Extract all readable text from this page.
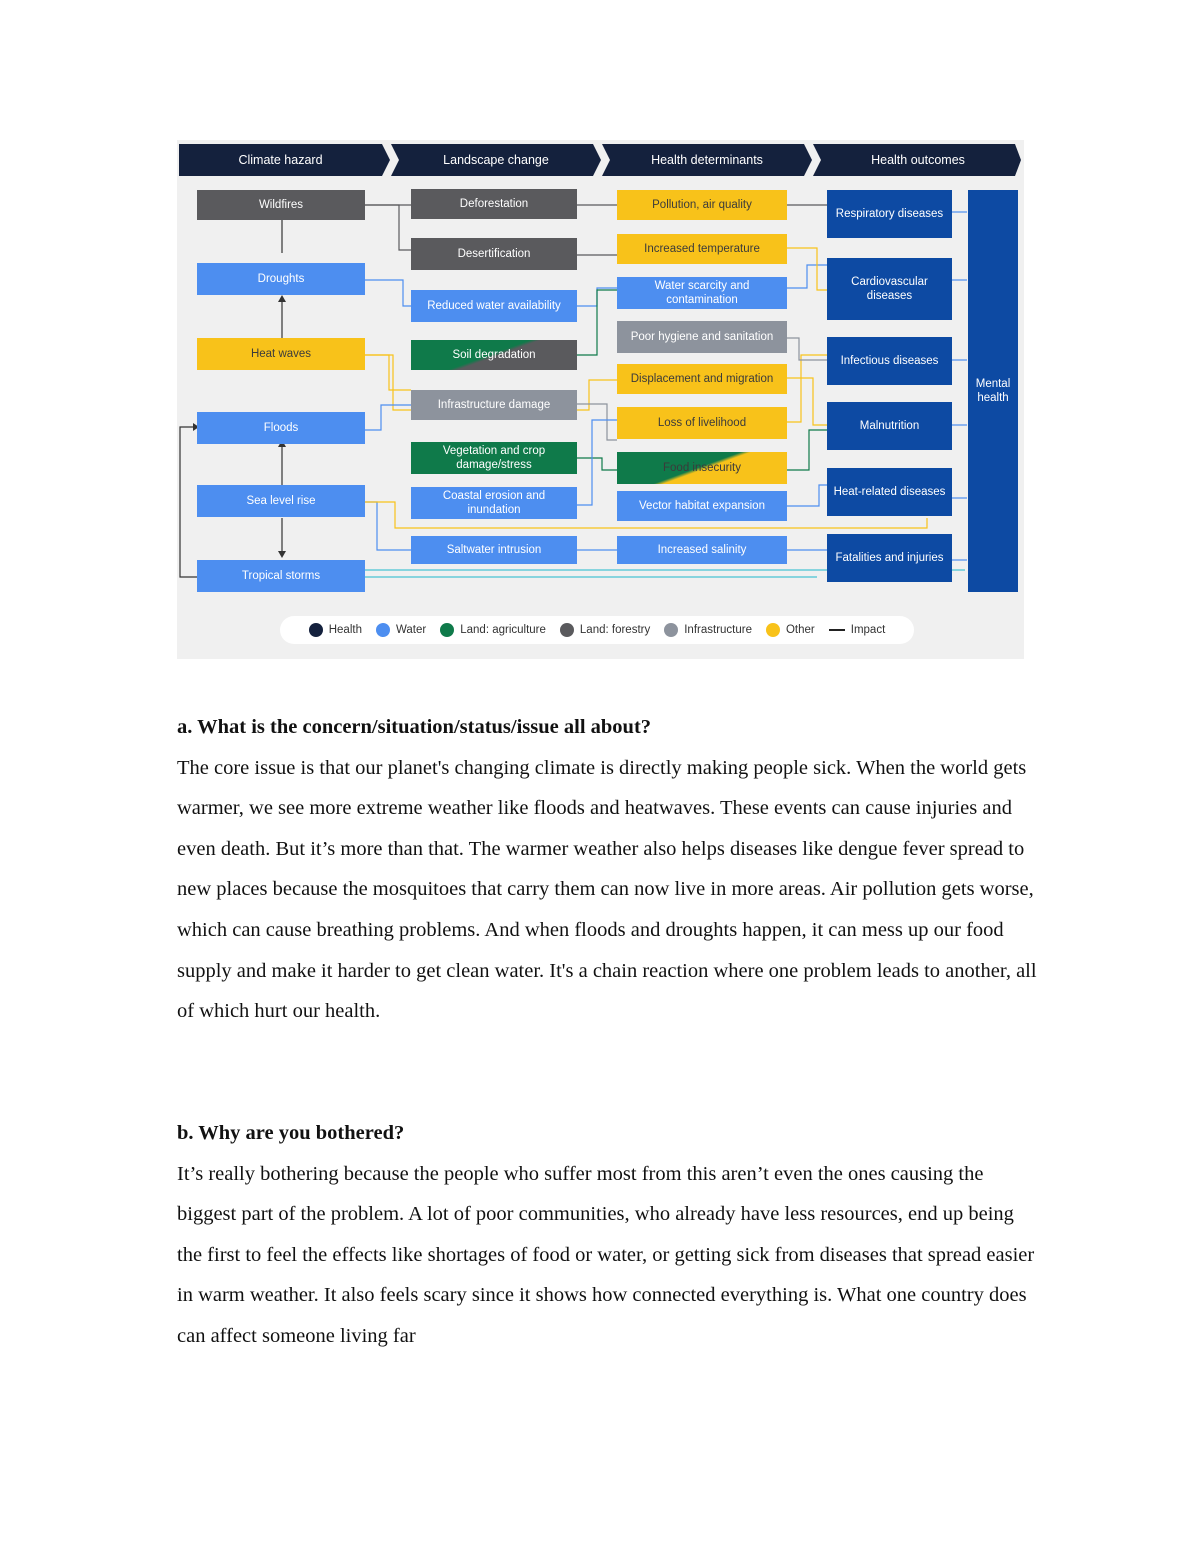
Climate hazard	Landscape change	Health determinants	Health outcomes
Wildfires
Droughts
Heat waves
Floods
Sea level rise
Tropical storms
Deforestation
Desertification
Reduced water availability
Soil degradation
Infrastructure damage
Vegetation and crop damage/stress
Coastal erosion and inundation
Saltwater intrusion
Pollution, air quality
Increased temperature
Water scarcity and contamination
Poor hygiene and sanitation
Displacement and migration
Loss of livelihood
Food insecurity
Vector habitat expansion
Increased salinity
Respiratory diseases
Cardiovascular diseases
Infectious diseases
Malnutrition
Heat-related diseases
Fatalities and injuries
Mental health
Health	Water	Land: agriculture	Land: forestry	Infrastructure	Other	Impact

a. What is the concern/situation/status/issue all about?

The core issue is that our planet's changing climate is directly making people sick. When the world gets warmer, we see more extreme weather like floods and heatwaves. These events can cause injuries and even death. But it’s more than that. The warmer weather also helps diseases like dengue fever spread to new places because the mosquitoes that carry them can now live in more areas. Air pollution gets worse, which can cause breathing problems. And when floods and droughts happen, it can mess up our food supply and make it harder to get clean water. It's a chain reaction where one problem leads to another, all of which hurt our health.

b. Why are you bothered?

It’s really bothering because the people who suffer most from this aren’t even the ones causing the biggest part of the problem. A lot of poor communities, who already have less resources, end up being the first to feel the effects like shortages of food or water, or getting sick from diseases that spread easier in warm weather. It also feels scary since it shows how connected everything is. What one country does can affect someone living far
